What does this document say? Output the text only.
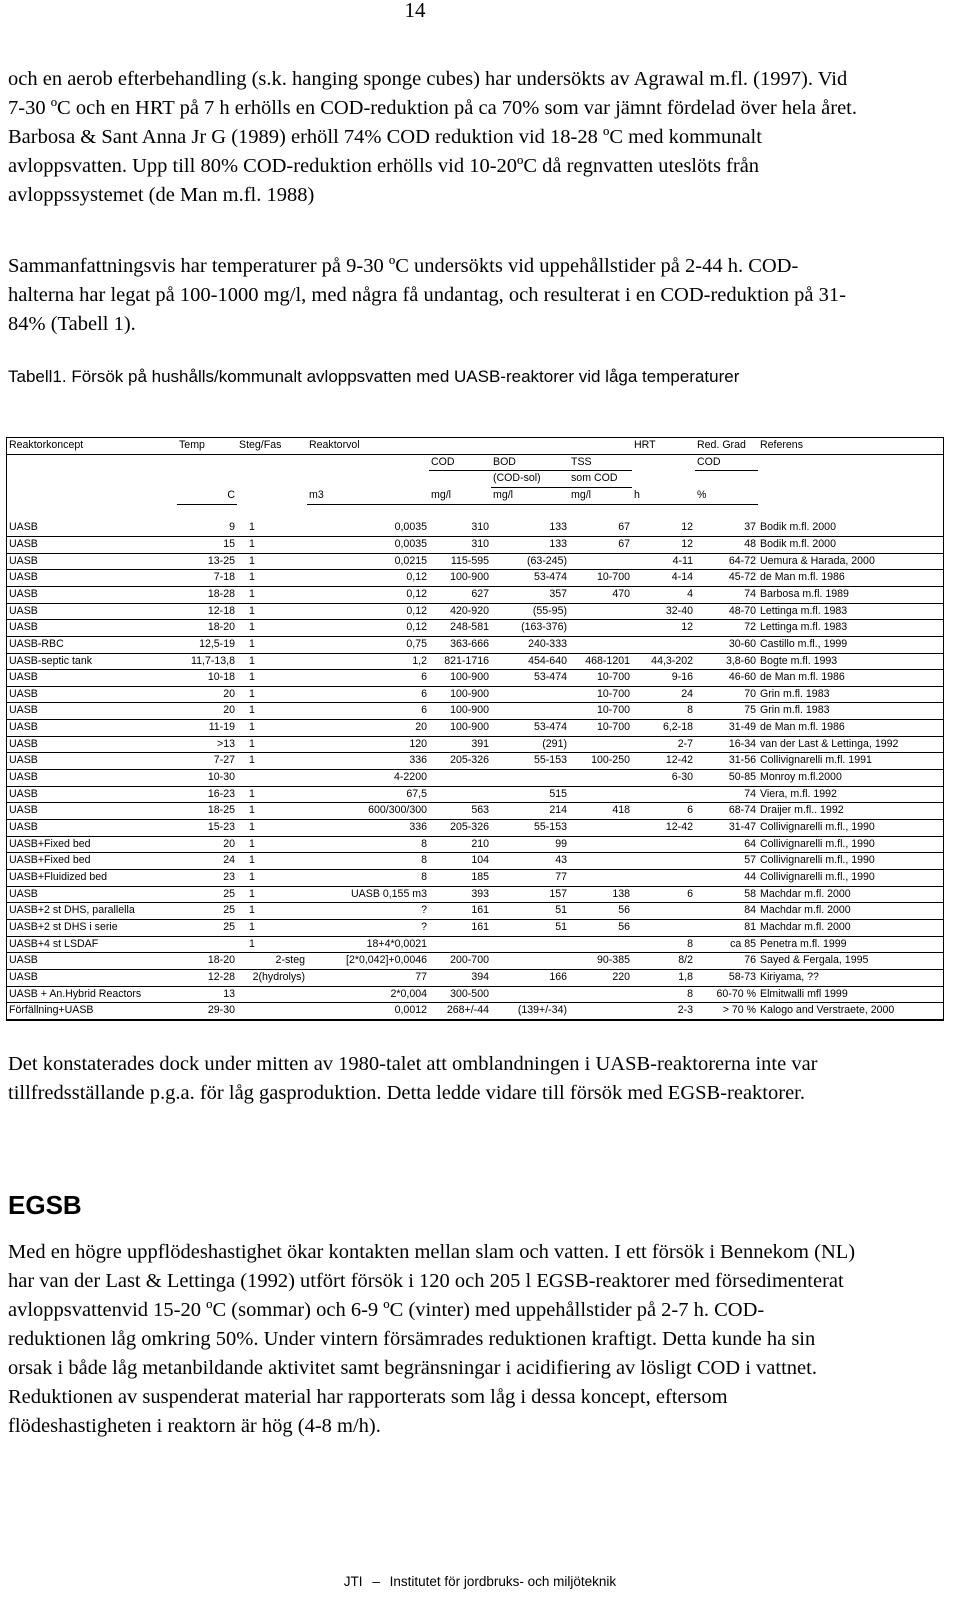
14

och en aerob efterbehandling (s.k. hanging sponge cubes) har undersökts av Agrawal m.fl. (1997). Vid 7-30 ºC och en HRT på 7 h erhölls en COD-reduktion på ca 70% som var jämnt fördelad över hela året. Barbosa & Sant Anna Jr G (1989) erhöll 74% COD reduktion vid 18-28 ºC med kommunalt avloppsvatten. Upp till 80% COD-reduktion erhölls vid 10-20ºC då regnvatten uteslöts från avloppssystemet (de Man m.fl. 1988)

Sammanfattningsvis har temperaturer på 9-30 ºC undersökts vid uppehållstider på 2-44 h. COD-halterna har legat på 100-1000 mg/l, med några få undantag, och resulterat i en COD-reduktion på 31-84% (Tabell 1).

Tabell1. Försök på hushålls/kommunalt avloppsvatten med UASB-reaktorer vid låga temperaturer

Reaktorkoncept	Temp	Steg/Fas	Reaktorvol				HRT	Red. Grad	Referens
				COD	BOD	TSS		COD	
					(COD-sol)	som COD			
	C		m3	mg/l	mg/l	mg/l	h	%	

UASB	9	1	0,0035	310	133	67	12	37	Bodik m.fl. 2000
UASB	15	1	0,0035	310	133	67	12	48	Bodik m.fl. 2000
UASB	13-25	1	0,0215	115-595	(63-245)		4-11	64-72	Uemura & Harada, 2000
UASB	7-18	1	0,12	100-900	53-474	10-700	4-14	45-72	de Man m.fl. 1986
UASB	18-28	1	0,12	627	357	470	4	74	Barbosa m.fl. 1989
UASB	12-18	1	0,12	420-920	(55-95)		32-40	48-70	Lettinga m.fl. 1983
UASB	18-20	1	0,12	248-581	(163-376)		12	72	Lettinga m.fl. 1983
UASB-RBC	12,5-19	1	0,75	363-666	240-333			30-60	Castillo m.fl., 1999
UASB-septic tank	11,7-13,8	1	1,2	821-1716	454-640	468-1201	44,3-202	3,8-60	Bogte m.fl. 1993
UASB	10-18	1	6	100-900	53-474	10-700	9-16	46-60	de Man m.fl. 1986
UASB	20	1	6	100-900		10-700	24	70	Grin m.fl. 1983
UASB	20	1	6	100-900		10-700	8	75	Grin m.fl. 1983
UASB	11-19	1	20	100-900	53-474	10-700	6,2-18	31-49	de Man m.fl. 1986
UASB	>13	1	120	391	(291)		2-7	16-34	van der Last & Lettinga, 1992
UASB	7-27	1	336	205-326	55-153	100-250	12-42	31-56	Collivignarelli m.fl. 1991
UASB	10-30		4-2200				6-30	50-85	Monroy m.fl.2000
UASB	16-23	1	67,5		515			74	Viera, m.fl. 1992
UASB	18-25	1	600/300/300	563	214	418	6	68-74	Draijer m.fl.. 1992
UASB	15-23	1	336	205-326	55-153		12-42	31-47	Collivignarelli m.fl., 1990
UASB+Fixed bed	20	1	8	210	99			64	Collivignarelli m.fl., 1990
UASB+Fixed bed	24	1	8	104	43			57	Collivignarelli m.fl., 1990
UASB+Fluidized bed	23	1	8	185	77			44	Collivignarelli m.fl., 1990
UASB	25	1	UASB 0,155 m3	393	157	138	6	58	Machdar m.fl. 2000
UASB+2 st DHS, parallella	25	1	?	161	51	56		84	Machdar m.fl. 2000
UASB+2 st DHS i serie	25	1	?	161	51	56		81	Machdar m.fl. 2000
UASB+4 st LSDAF		1	18+4*0,0021				8	ca 85	Penetra m.fl. 1999
UASB	18-20	2-steg	[2*0,042]+0,0046	200-700		90-385	8/2	76	Sayed & Fergala, 1995
UASB	12-28	2(hydrolys)	77	394	166	220	1,8	58-73	Kiriyama, ??
UASB + An.Hybrid Reactors	13		2*0,004	300-500			8	60-70 %	Elmitwalli mfl 1999
Förfällning+UASB	29-30		0,0012	268+/-44	(139+/-34)		2-3	> 70 %	Kalogo and Verstraete, 2000

Det konstaterades dock under mitten av 1980-talet att omblandningen i UASB-reaktorerna inte var tillfredsställande p.g.a. för låg gasproduktion. Detta ledde vidare till försök med EGSB-reaktorer.

EGSB

Med en högre uppflödeshastighet ökar kontakten mellan slam och vatten. I ett försök i Bennekom (NL) har van der Last & Lettinga (1992) utfört försök i 120 och 205 l EGSB-reaktorer med försedimenterat avloppsvattenvid 15-20 ºC (sommar) och 6-9 ºC (vinter) med uppehållstider på 2-7 h. COD-reduktionen låg omkring 50%. Under vintern försämrades reduktionen kraftigt. Detta kunde ha sin orsak i både låg metanbildande aktivitet samt begränsningar i acidifiering av lösligt COD i vattnet. Reduktionen av suspenderat material har rapporterats som låg i dessa koncept, eftersom flödeshastigheten i reaktorn är hög (4-8 m/h).

JTI – Institutet för jordbruks- och miljöteknik
